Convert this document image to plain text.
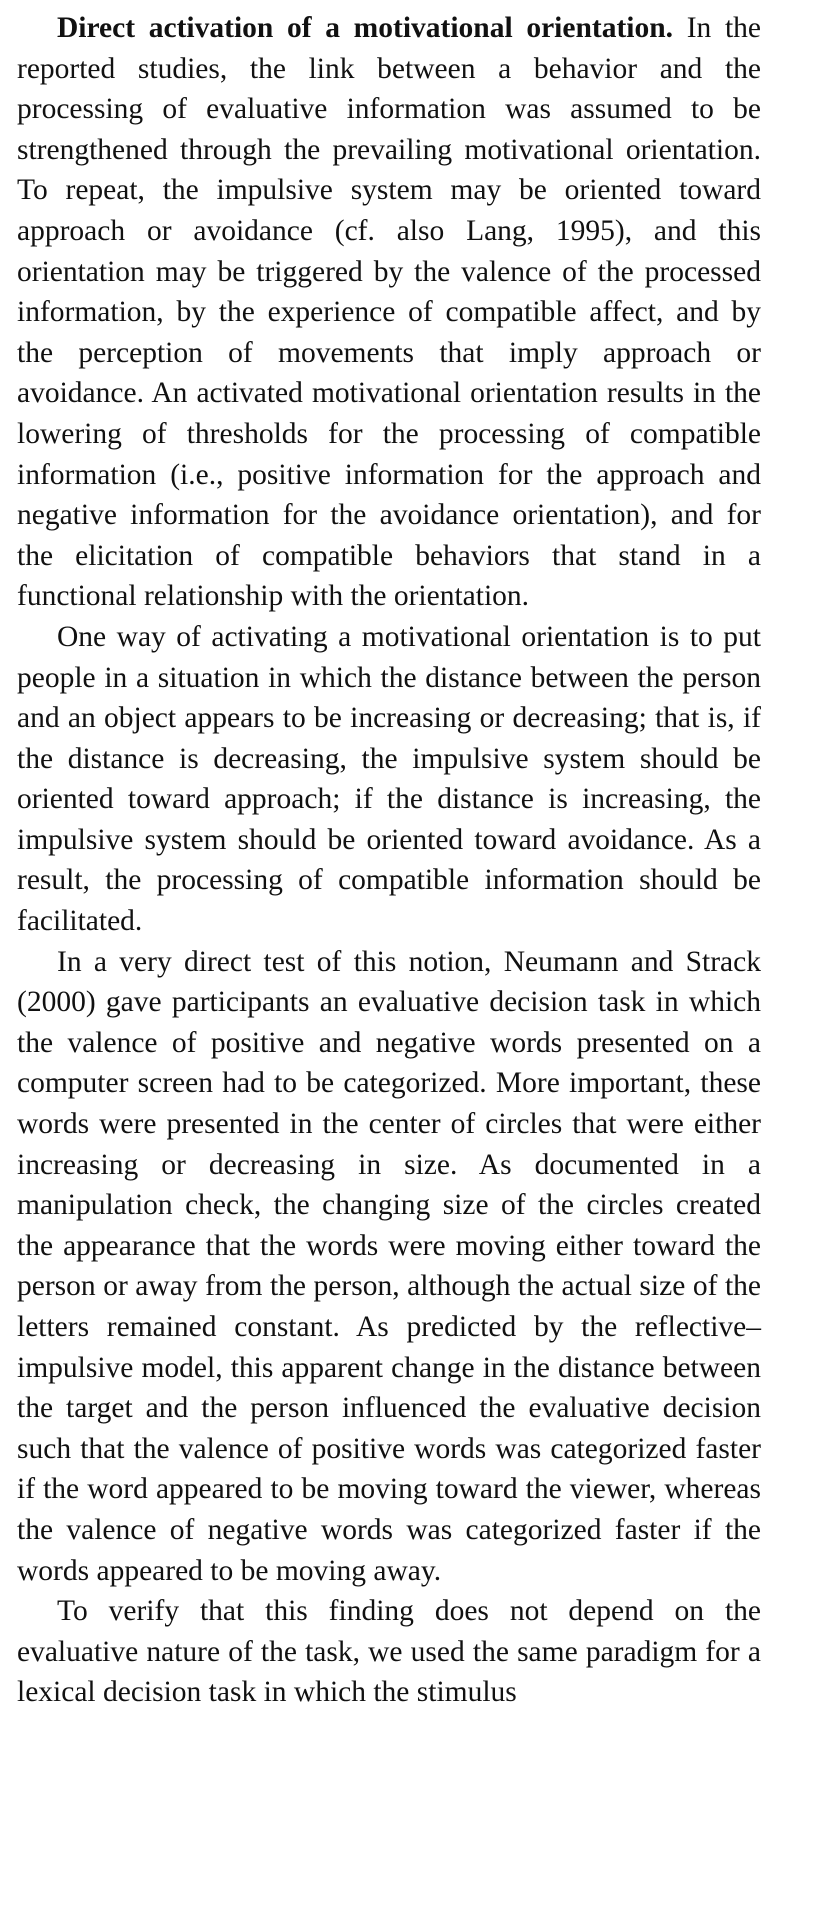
Direct activation of a motivational orientation. In the reported studies, the link between a behavior and the processing of evaluative information was assumed to be strengthened through the prevailing motivational orientation. To repeat, the impulsive system may be oriented toward approach or avoidance (cf. also Lang, 1995), and this orientation may be triggered by the valence of the processed information, by the experience of compatible affect, and by the perception of movements that imply approach or avoidance. An activated motivational orientation results in the lowering of thresholds for the processing of compatible information (i.e., positive information for the approach and negative information for the avoidance orientation), and for the elicitation of compatible behaviors that stand in a functional relationship with the orientation.

One way of activating a motivational orientation is to put people in a situation in which the distance between the person and an object appears to be increasing or decreasing; that is, if the distance is decreasing, the impulsive system should be oriented toward approach; if the distance is increasing, the impulsive system should be oriented toward avoidance. As a result, the processing of compatible information should be facilitated.

In a very direct test of this notion, Neumann and Strack (2000) gave participants an evaluative decision task in which the valence of positive and negative words presented on a computer screen had to be categorized. More important, these words were presented in the center of circles that were either increasing or decreasing in size. As documented in a manipulation check, the changing size of the circles created the appearance that the words were moving either toward the person or away from the person, although the actual size of the letters remained constant. As predicted by the reflective–impulsive model, this apparent change in the distance between the target and the person influenced the evaluative decision such that the valence of positive words was categorized faster if the word appeared to be moving toward the viewer, whereas the valence of negative words was categorized faster if the words appeared to be moving away.

To verify that this finding does not depend on the evaluative nature of the task, we used the same paradigm for a lexical decision task in which the stimulus
